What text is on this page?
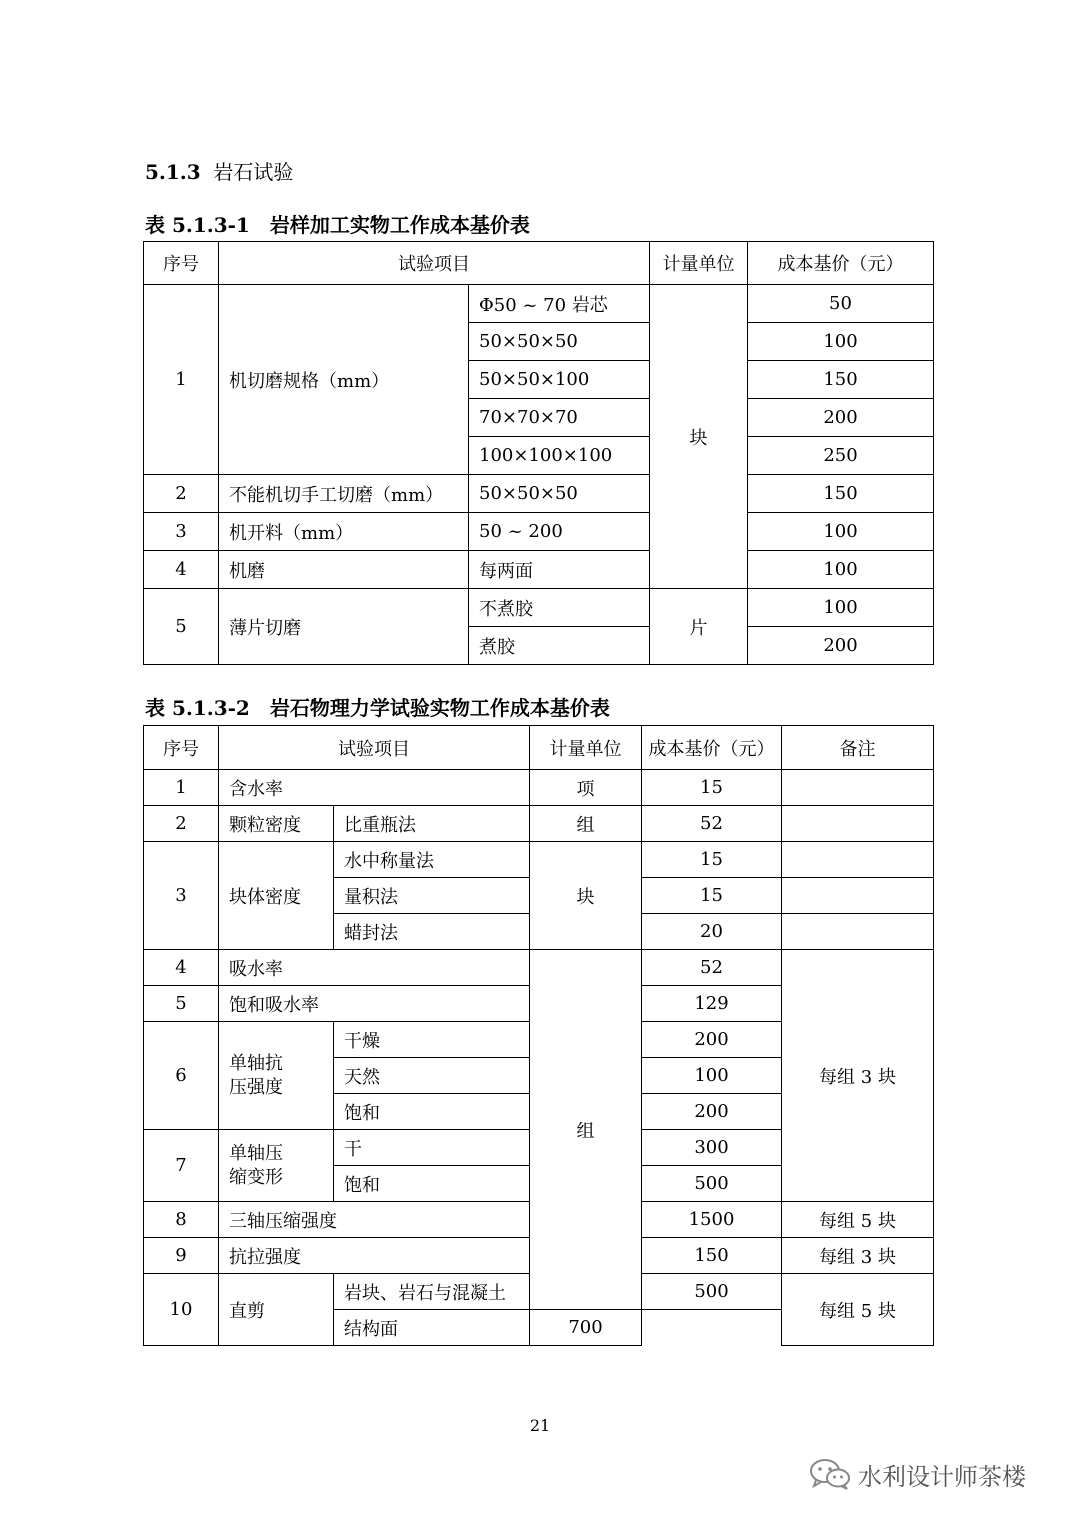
5.1.3 岩石试验
表 5.1.3-1　岩样加工实物工作成本基价表
序号	试验项目		计量单位	成本基价（元）
1	机切磨规格（mm）	Φ50 ~ 70 岩芯	块	50
		50×50×50		100
		50×50×100		150
		70×70×70		200
		100×100×100		250
2	不能机切手工切磨（mm）	50×50×50		150
3	机开料（mm）	50 ~ 200		100
4	机磨	每两面		100
5	薄片切磨	不煮胶	片	100
		煮胶		200
表 5.1.3-2　岩石物理力学试验实物工作成本基价表
序号	试验项目		计量单位	成本基价（元）	备注
1	含水率		项	15	
2	颗粒密度	比重瓶法	组	52	
3	块体密度	水中称量法	块	15	
		量积法		15	
		蜡封法		20	
4	吸水率		组	52	每组 3 块
5	饱和吸水率			129	
6	单轴抗压强度	干燥		200	
		天然		100	
		饱和		200	
7	单轴压缩变形	干		300	
		饱和		500	
8	三轴压缩强度			1500	每组 5 块
9	抗拉强度			150	每组 3 块
10	直剪	岩块、岩石与混凝土		500	每组 5 块
		结构面	700		
21
水利设计师茶楼
